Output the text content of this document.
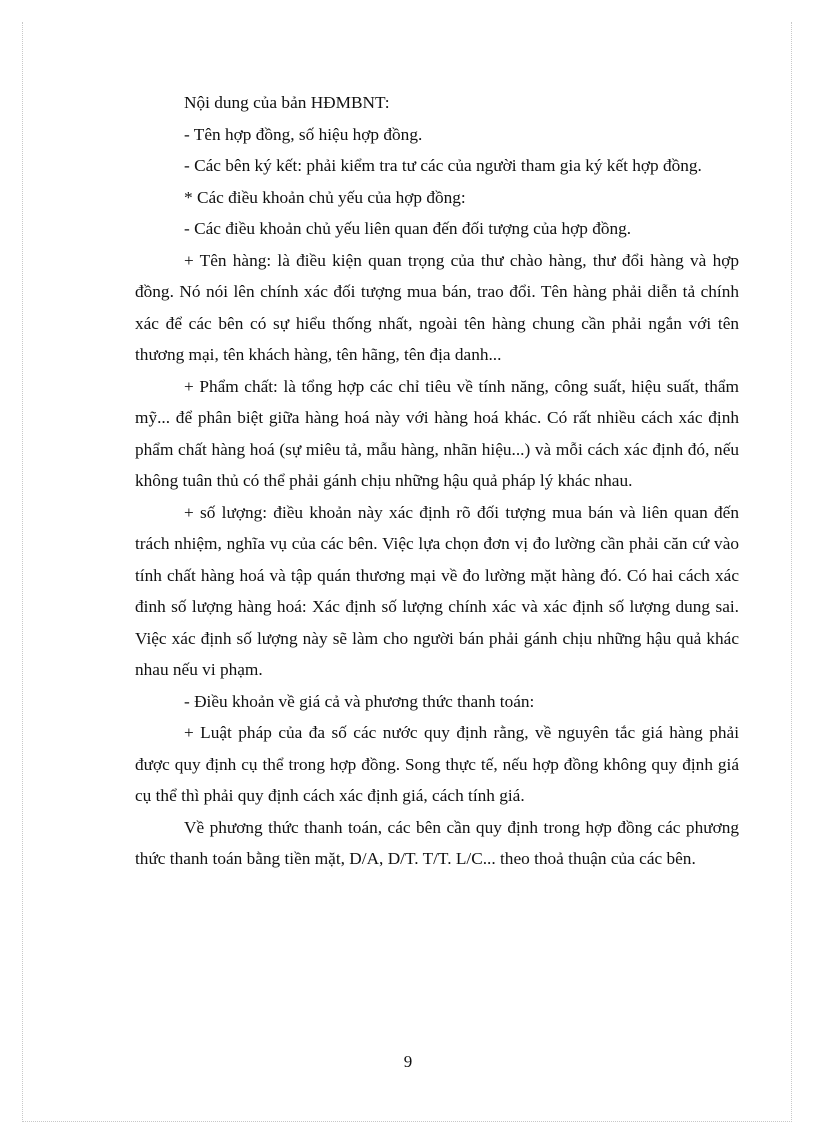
Nội dung của bản HĐMBNT:

- Tên hợp đồng, số hiệu hợp đồng.

- Các bên ký kết: phải kiểm tra tư các của người tham gia ký kết hợp đồng.

* Các điều khoản chủ yếu của hợp đồng:

- Các điều khoản chủ yếu liên quan đến đối tượng của hợp đồng.

+ Tên hàng: là điều kiện quan trọng của thư chào hàng, thư đổi hàng và hợp đồng. Nó nói lên chính xác đối tượng mua bán, trao đổi. Tên hàng phải diễn tả chính xác để các bên có sự hiểu thống nhất, ngoài tên hàng chung cần phải ngắn với tên thương mại, tên khách hàng, tên hãng, tên địa danh...

+ Phẩm chất: là tổng hợp các chỉ tiêu về tính năng, công suất, hiệu suất, thẩm mỹ... để phân biệt giữa hàng hoá này với hàng hoá khác. Có rất nhiều cách xác định phẩm chất hàng hoá (sự miêu tả, mẫu hàng, nhãn hiệu...) và mỗi cách xác định đó, nếu không tuân thủ có thể phải gánh chịu những hậu quả pháp lý khác nhau.

+ số lượng: điều khoản này xác định rõ đối tượng mua bán và liên quan đến trách nhiệm, nghĩa vụ của các bên. Việc lựa chọn đơn vị đo lường cần phải căn cứ vào tính chất hàng hoá và tập quán thương mại về đo lường mặt hàng đó. Có hai cách xác đinh số lượng hàng hoá: Xác định số lượng chính xác và xác định số lượng dung sai. Việc xác định số lượng này sẽ làm cho người bán phải gánh chịu những hậu quả khác nhau nếu vi phạm.

- Điều khoản về giá cả và phương thức thanh toán:

+ Luật pháp của đa số các nước quy định rằng, về nguyên tắc giá hàng phải được quy định cụ thể trong hợp đồng. Song thực tế, nếu hợp đồng không quy định giá cụ thể thì phải quy định cách xác định giá, cách tính giá.

Về phương thức thanh toán, các bên cần quy định trong hợp đồng các phương thức thanh toán bằng tiền mặt, D/A, D/T. T/T. L/C... theo thoả thuận của các bên.

9
